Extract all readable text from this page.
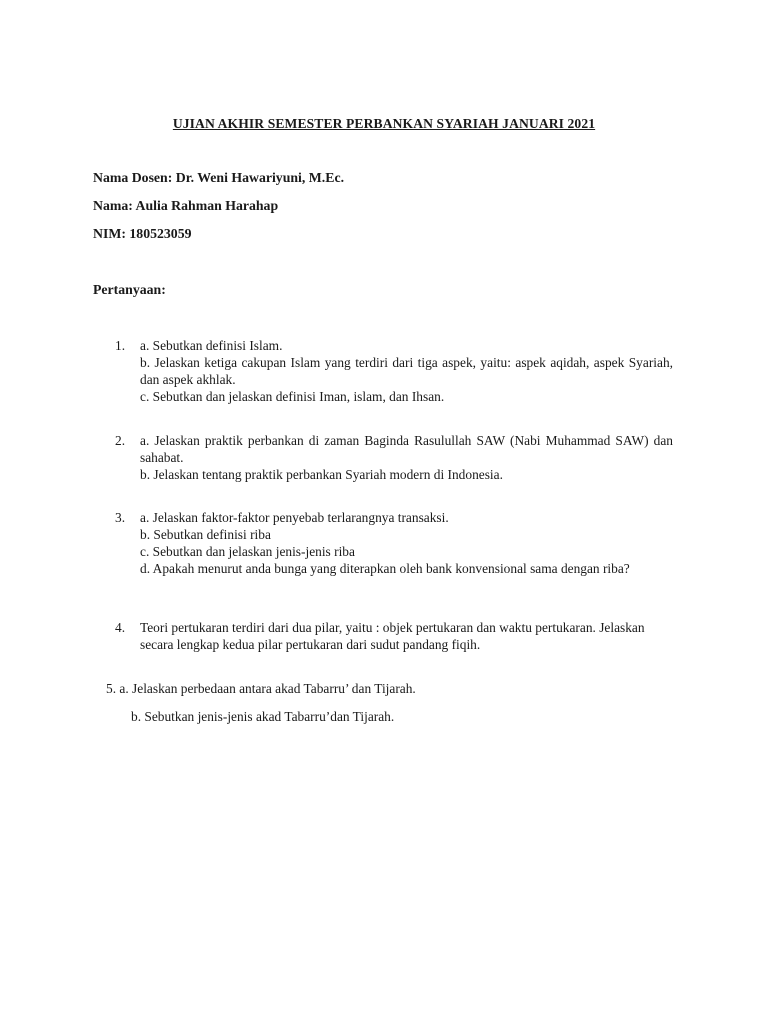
UJIAN AKHIR SEMESTER PERBANKAN SYARIAH JANUARI 2021
Nama Dosen: Dr. Weni Hawariyuni, M.Ec.
Nama: Aulia Rahman Harahap
NIM: 180523059
Pertanyaan:
1. a. Sebutkan definisi Islam.
b. Jelaskan ketiga cakupan Islam yang terdiri dari tiga aspek, yaitu: aspek aqidah, aspek Syariah, dan aspek akhlak.
c. Sebutkan dan jelaskan definisi Iman, islam, dan Ihsan.
2. a. Jelaskan praktik perbankan di zaman Baginda Rasulullah SAW (Nabi Muhammad SAW) dan sahabat.
b. Jelaskan tentang praktik perbankan Syariah modern di Indonesia.
3. a. Jelaskan faktor-faktor penyebab terlarangnya transaksi.
b. Sebutkan definisi riba
c. Sebutkan dan jelaskan jenis-jenis riba
d. Apakah menurut anda bunga yang diterapkan oleh bank konvensional sama dengan riba?
4. Teori pertukaran terdiri dari dua pilar, yaitu : objek pertukaran dan waktu pertukaran. Jelaskan secara lengkap kedua pilar pertukaran dari sudut pandang fiqih.
5. a. Jelaskan perbedaan antara akad Tabarru’ dan Tijarah.
b. Sebutkan jenis-jenis akad Tabarru’dan Tijarah.
